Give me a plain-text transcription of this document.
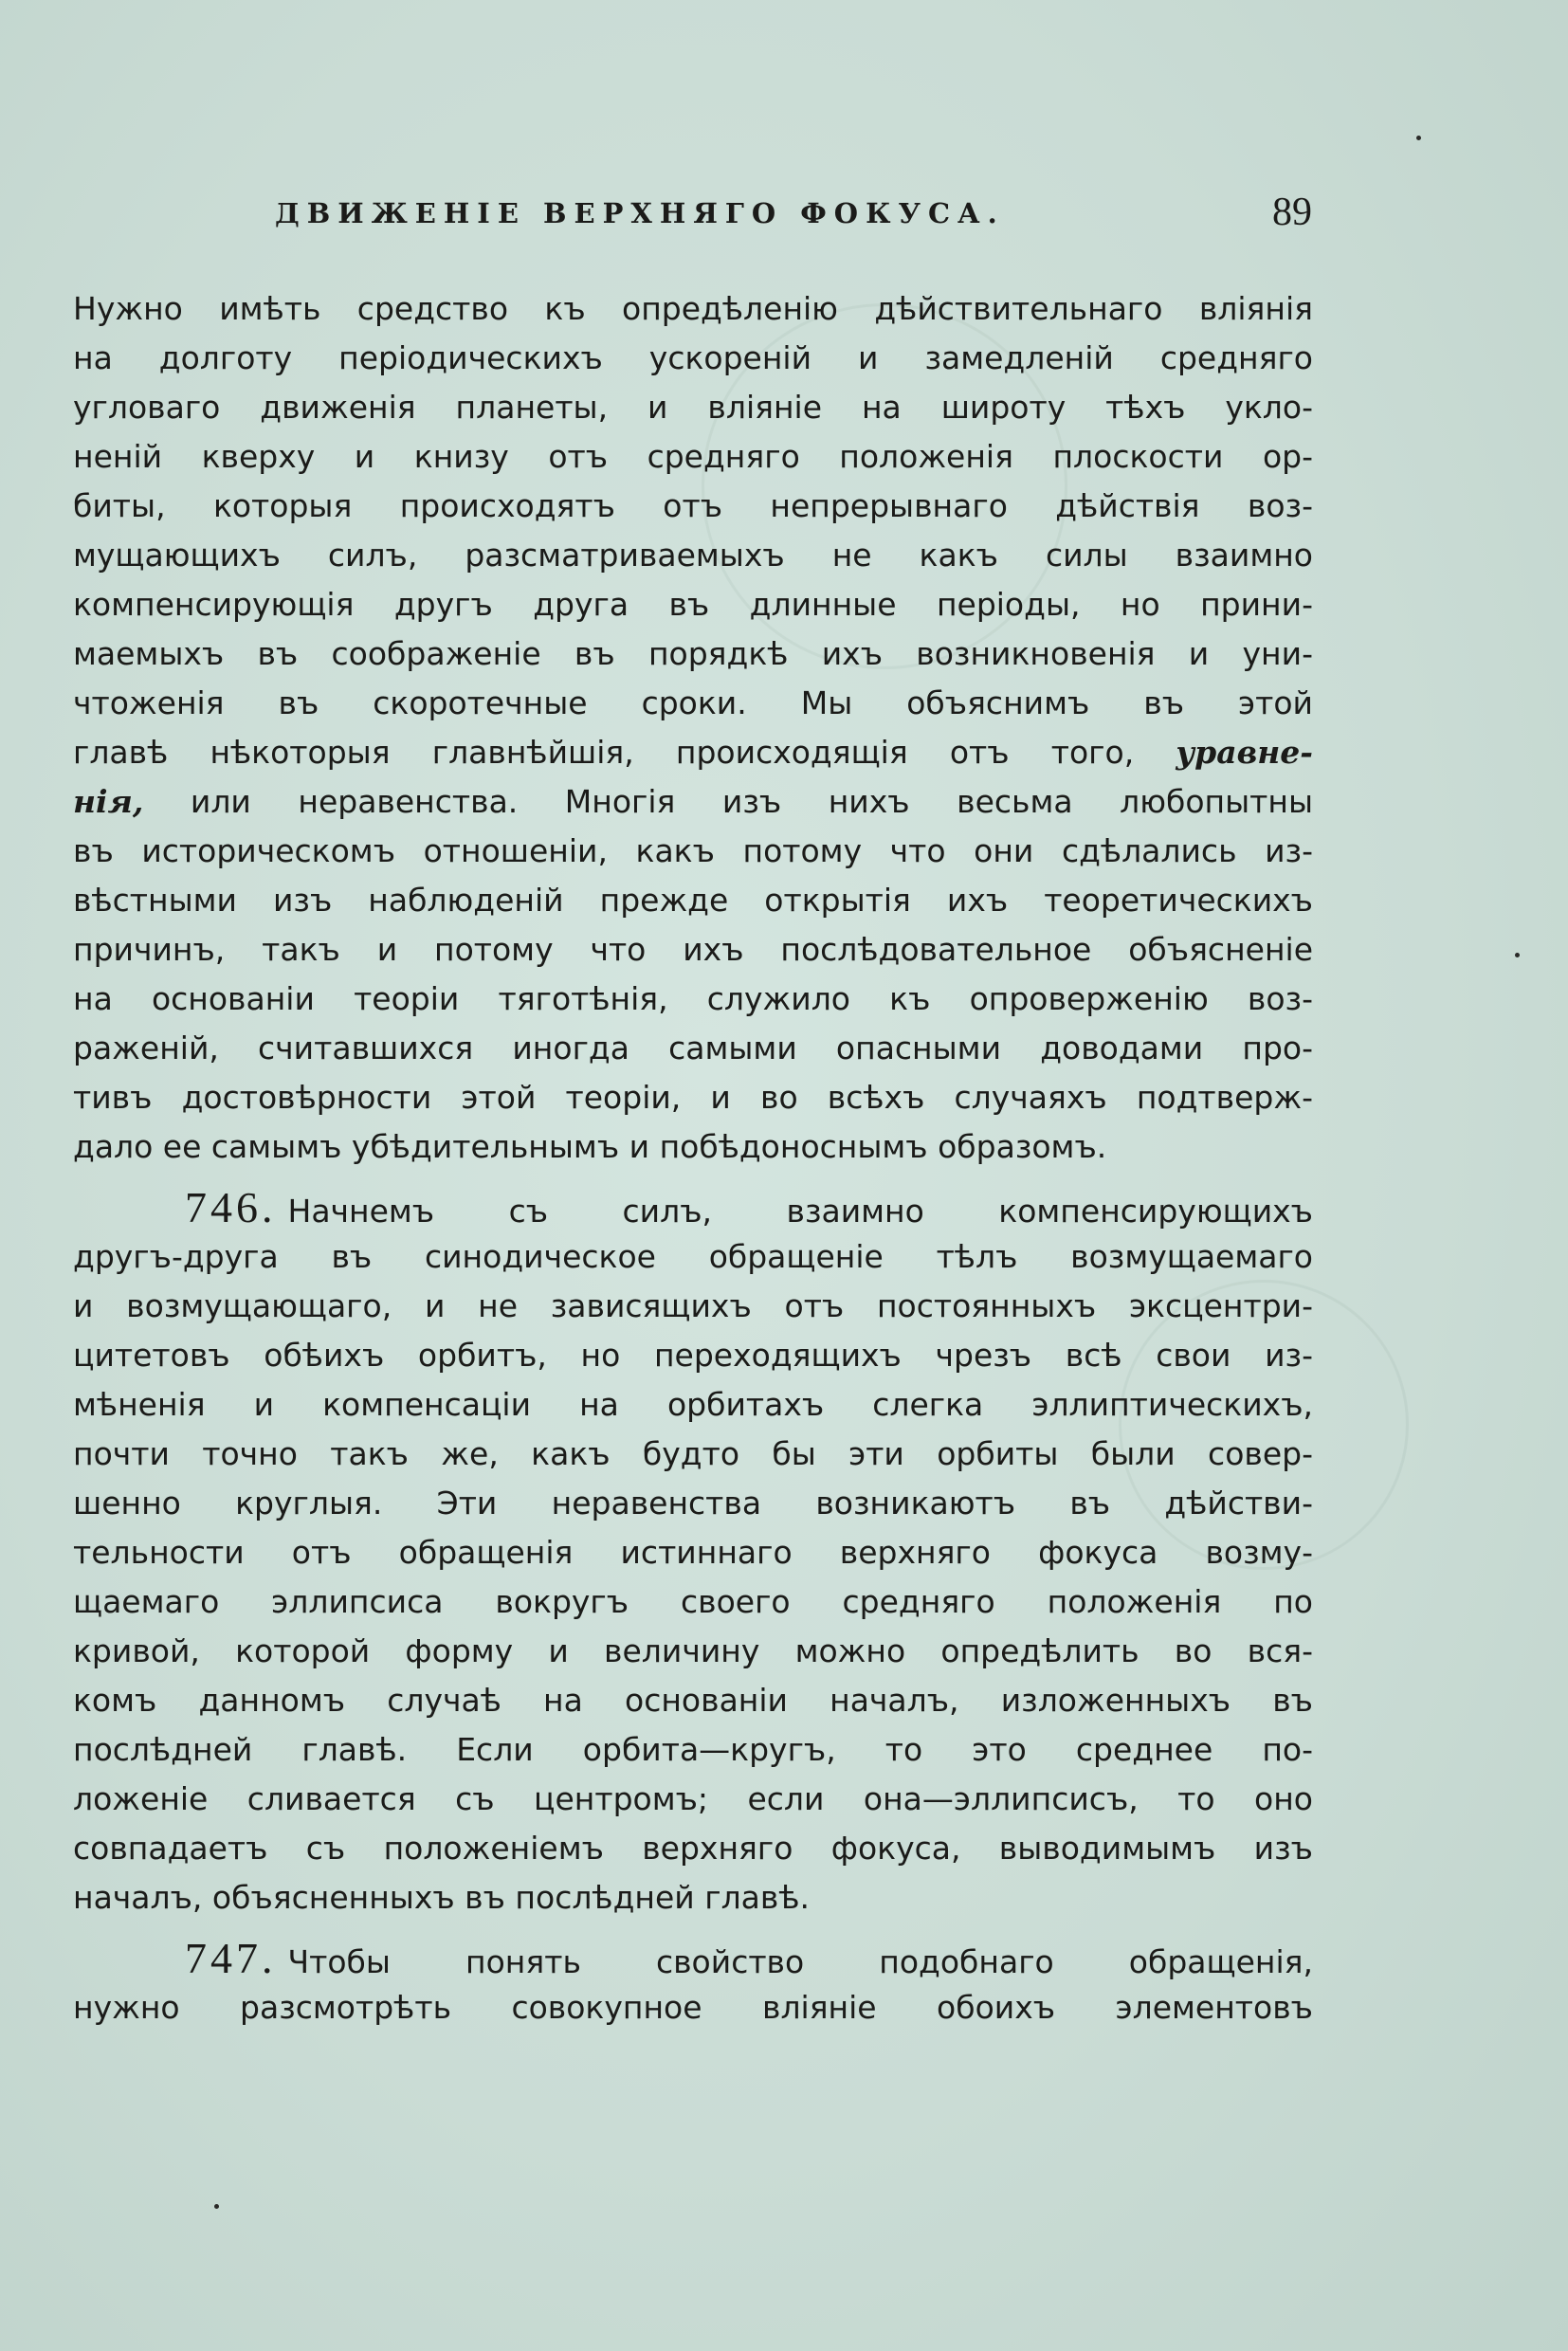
ДВИЖЕНІЕ ВЕРХНЯГО ФОКУСА.	89
Нужно имѣть средство къ опредѣленію дѣйствительнаго вліянія
на долготу періодическихъ ускореній и замедленій средняго
угловаго движенія планеты, и вліяніе на широту тѣхъ укло-
неній кверху и книзу отъ средняго положенія плоскости ор-
биты, которыя происходятъ отъ непрерывнаго дѣйствія воз-
мущающихъ силъ, разсматриваемыхъ не какъ силы взаимно
компенсирующія другъ друга въ длинные періоды, но прини-
маемыхъ въ соображеніе въ порядкѣ ихъ возникновенія и уни-
чтоженія въ скоротечные сроки. Мы объяснимъ въ этой
главѣ нѣкоторыя главнѣйшія, происходящія отъ того, уравне-
нія, или неравенства. Многія изъ нихъ весьма любопытны
въ историческомъ отношеніи, какъ потому что они сдѣлались из-
вѣстными изъ наблюденій прежде открытія ихъ теоретическихъ
причинъ, такъ и потому что ихъ послѣдовательное объясненіе
на основаніи теоріи тяготѣнія, служило къ опроверженію воз-
раженій, считавшихся иногда самыми опасными доводами про-
тивъ достовѣрности этой теоріи, и во всѣхъ случаяхъ подтверж-
дало ее самымъ убѣдительнымъ и побѣдоноснымъ образомъ.
746. Начнемъ съ силъ, взаимно компенсирующихъ
другъ-друга въ синодическое обращеніе тѣлъ возмущаемаго
и возмущающаго, и не зависящихъ отъ постоянныхъ эксцентри-
цитетовъ обѣихъ орбитъ, но переходящихъ чрезъ всѣ свои из-
мѣненія и компенсаціи на орбитахъ слегка эллиптическихъ,
почти точно такъ же, какъ будто бы эти орбиты были совер-
шенно круглыя. Эти неравенства возникаютъ въ дѣйстви-
тельности отъ обращенія истиннаго верхняго фокуса возму-
щаемаго эллипсиса вокругъ своего средняго положенія по
кривой, которой форму и величину можно опредѣлить во вся-
комъ данномъ случаѣ на основаніи началъ, изложенныхъ въ
послѣдней главѣ. Если орбита—кругъ, то это среднее по-
ложеніе сливается съ центромъ; если она—эллипсисъ, то оно
совпадаетъ съ положеніемъ верхняго фокуса, выводимымъ изъ
началъ, объясненныхъ въ послѣдней главѣ.
747. Чтобы понять свойство подобнаго обращенія,
нужно разсмотрѣть совокупное вліяніе обоихъ элементовъ
